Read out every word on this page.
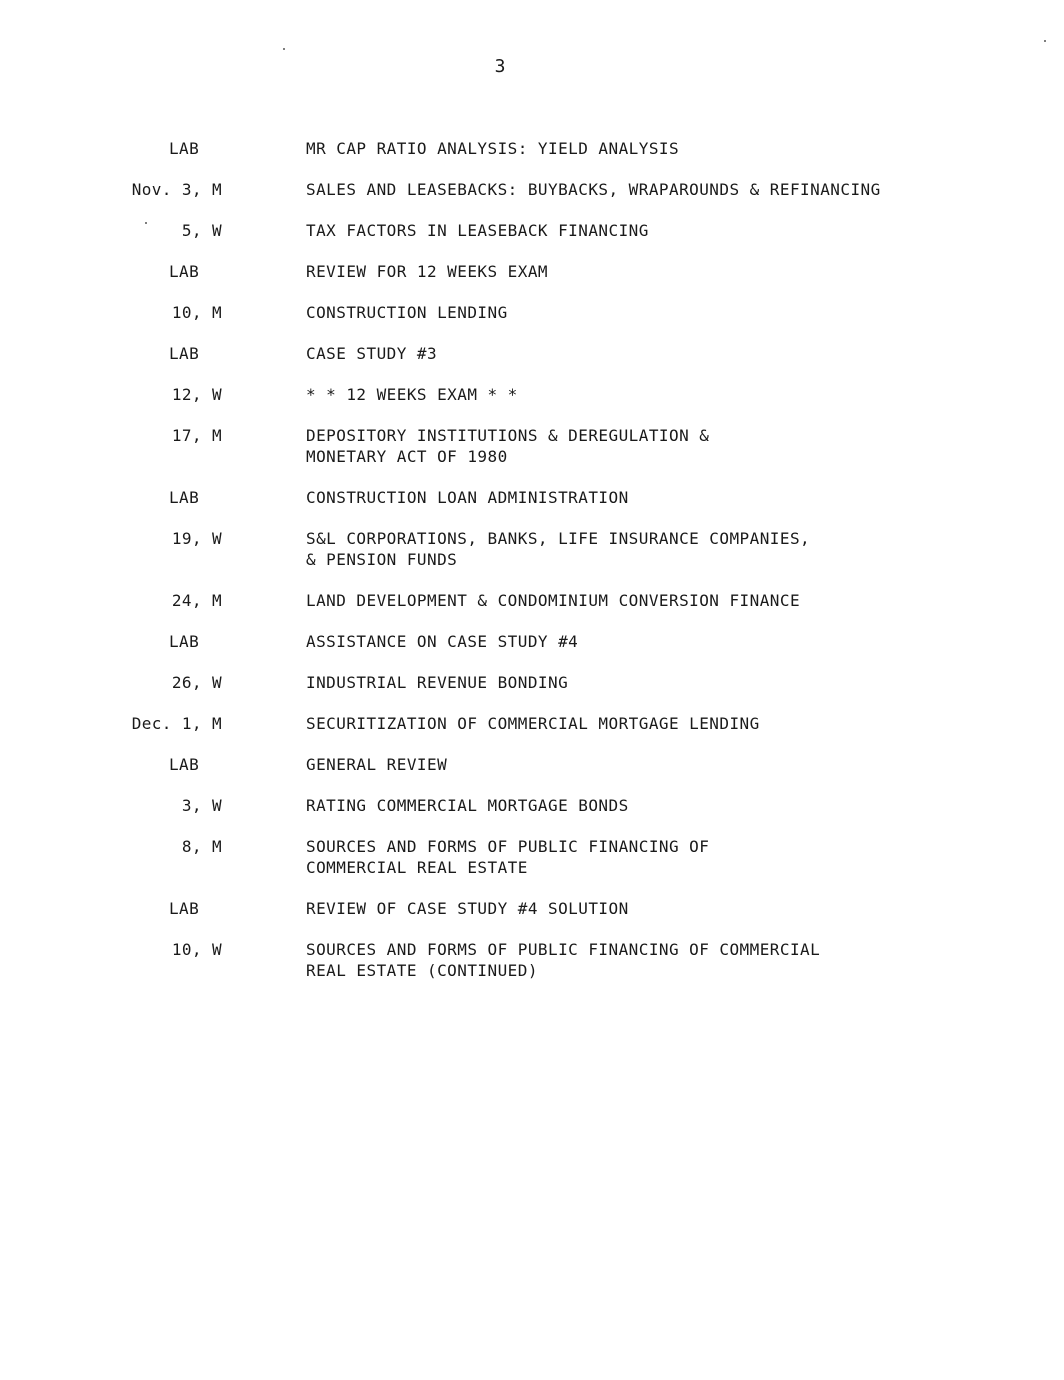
3
LAB	MR CAP RATIO ANALYSIS: YIELD ANALYSIS
Nov. 3, M	SALES AND LEASEBACKS: BUYBACKS, WRAPAROUNDS & REFINANCING
5, W	TAX FACTORS IN LEASEBACK FINANCING
LAB	REVIEW FOR 12 WEEKS EXAM
10, M	CONSTRUCTION LENDING
LAB	CASE STUDY #3
12, W	* * 12 WEEKS EXAM * *
17, M	DEPOSITORY INSTITUTIONS & DEREGULATION &
MONETARY ACT OF 1980
LAB	CONSTRUCTION LOAN ADMINISTRATION
19, W	S&L CORPORATIONS, BANKS, LIFE INSURANCE COMPANIES,
& PENSION FUNDS
24, M	LAND DEVELOPMENT & CONDOMINIUM CONVERSION FINANCE
LAB	ASSISTANCE ON CASE STUDY #4
26, W	INDUSTRIAL REVENUE BONDING
Dec. 1, M	SECURITIZATION OF COMMERCIAL MORTGAGE LENDING
LAB	GENERAL REVIEW
3, W	RATING COMMERCIAL MORTGAGE BONDS
8, M	SOURCES AND FORMS OF PUBLIC FINANCING OF
COMMERCIAL REAL ESTATE
LAB	REVIEW OF CASE STUDY #4 SOLUTION
10, W	SOURCES AND FORMS OF PUBLIC FINANCING OF COMMERCIAL
REAL ESTATE (CONTINUED)
